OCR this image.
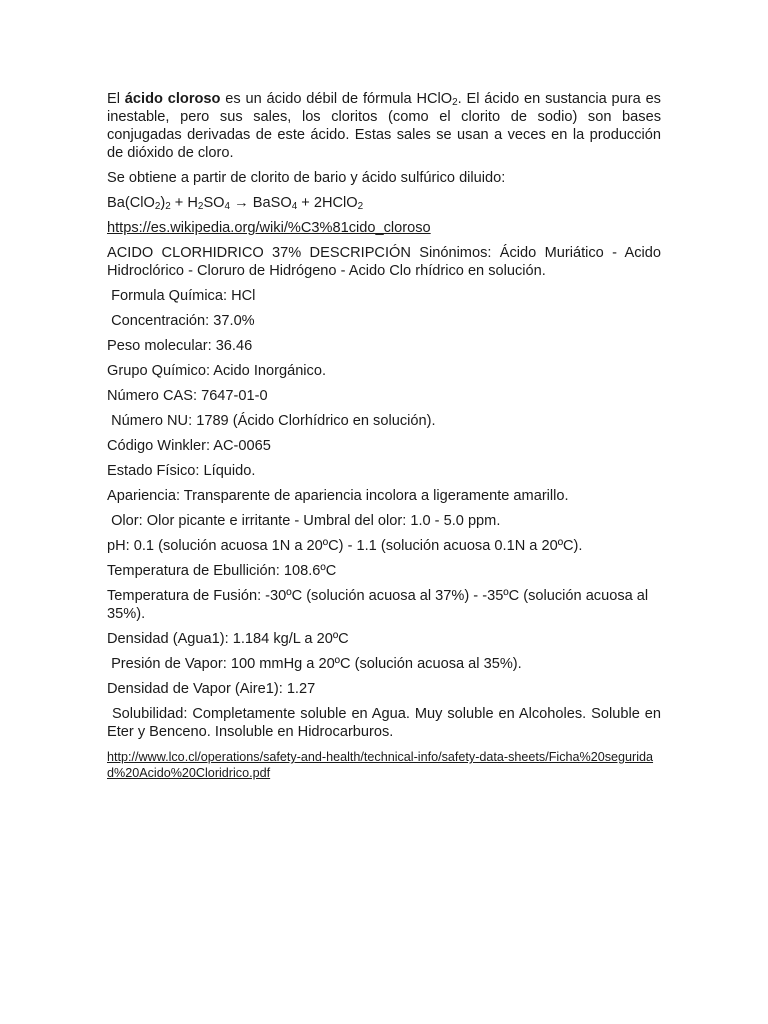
El ácido cloroso es un ácido débil de fórmula HClO$_2$. El ácido en sustancia pura es inestable, pero sus sales, los cloritos (como el clorito de sodio) son bases conjugadas derivadas de este ácido. Estas sales se usan a veces en la producción de dióxido de cloro.

Se obtiene a partir de clorito de bario y ácido sulfúrico diluido:

$Ba(ClO_2)_2 + H_2SO_4$ → BaSO$_4$ + 2HClO$_2$

https://es.wikipedia.org/wiki/%C3%81cido_cloroso

ACIDO CLORHIDRICO 37% DESCRIPCIÓN Sinónimos: Ácido Muriático - Acido Hidroclórico - Cloruro de Hidrógeno - Acido Clo rhídrico en solución.

Formula Química: HCl

Concentración: 37.0%

Peso molecular: 36.46

Grupo Químico: Acido Inorgánico.

Número CAS: 7647-01-0

Número NU: 1789 (Ácido Clorhídrico en solución).

Código Winkler: AC-0065

Estado Físico: Líquido.

Apariencia: Transparente de apariencia incolora a ligeramente amarillo.

Olor: Olor picante e irritante - Umbral del olor: 1.0 - 5.0 ppm.

pH: 0.1 (solución acuosa 1N a 20ºC) - 1.1 (solución acuosa 0.1N a 20ºC).

Temperatura de Ebullición: 108.6ºC

Temperatura de Fusión: -30ºC (solución acuosa al 37%) - -35ºC (solución acuosa al 35%).

Densidad (Agua1): 1.184 kg/L a 20ºC

Presión de Vapor: 100 mmHg a 20ºC (solución acuosa al 35%).

Densidad de Vapor (Aire1): 1.27

Solubilidad: Completamente soluble en Agua. Muy soluble en Alcoholes. Soluble en Eter y Benceno. Insoluble en Hidrocarburos.

http://www.lco.cl/operations/safety-and-health/technical-info/safety-data-sheets/Ficha%20seguridad%20Acido%20Cloridrico.pdf
